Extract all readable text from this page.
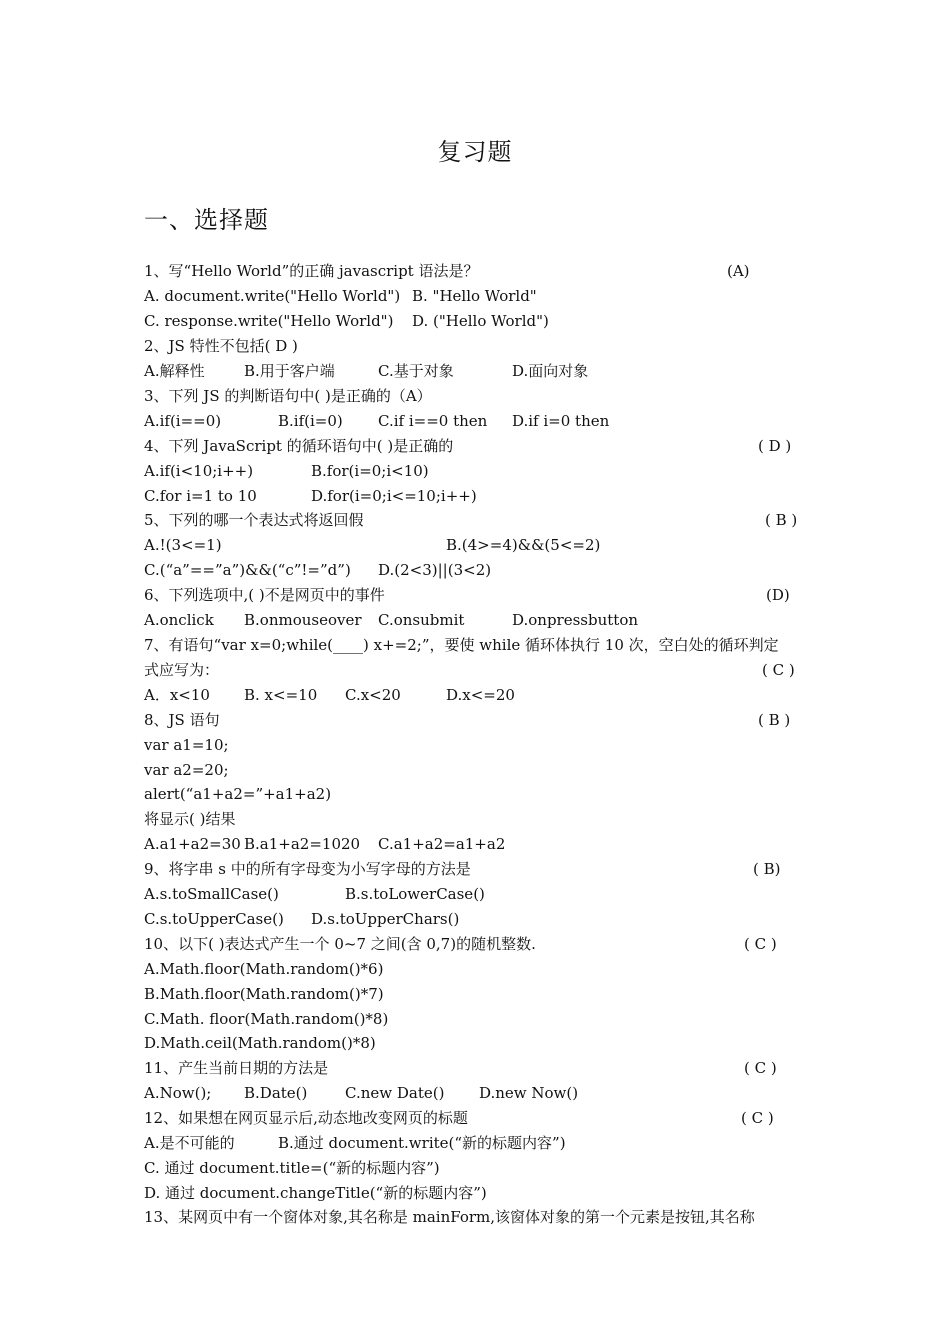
复习题
一、选择题
1、写“Hello World”的正确 javascript 语法是？	(A)
A. document.write("Hello World") B. "Hello World"
C. response.write("Hello World") D. ("Hello World")
2、JS 特性不包括( D )
A.解释性	B.用于客户端	C.基于对象	D.面向对象
3、下列 JS 的判断语句中( )是正确的（A）
A.if(i==0)	B.if(i=0) C.if i==0 then D.if i=0 then
4、下列 JavaScript 的循环语句中( )是正确的	( D )
A.if(i<10;i++)	B.for(i=0;i<10)
C.for i=1 to 10	D.for(i=0;i<=10;i++)
5、下列的哪一个表达式将返回假	( B )
A.!(3<=1)	B.(4>=4)&&(5<=2)
C.(“a”==”a”)&&(“c”!=”d”) D.(2<3)||(3<2)
6、下列选项中,( )不是网页中的事件	(D)
A.onclick B.onmouseover C.onsubmit	D.onpressbutton
7、有语句“var x=0;while(____) x+=2;”，要使 while 循环体执行 10 次，空白处的循环判定
式应写为：	( C )
A．x<10 B. x<=10 C.x<20	D.x<=20
8、JS 语句	( B )
var a1=10;
var a2=20;
alert(“a1+a2=”+a1+a2)
将显示( )结果
A.a1+a2=30 B.a1+a2=1020 C.a1+a2=a1+a2
9、将字串 s 中的所有字母变为小写字母的方法是	( B)
A.s.toSmallCase()	B.s.toLowerCase()
C.s.toUpperCase() D.s.toUpperChars()
10、以下( )表达式产生一个 0~7 之间(含 0,7)的随机整数.	( C )
A.Math.floor(Math.random()*6)
B.Math.floor(Math.random()*7)
C.Math. floor(Math.random()*8)
D.Math.ceil(Math.random()*8)
11、产生当前日期的方法是	( C )
A.Now(); B.Date()	C.new Date() D.new Now()
12、如果想在网页显示后,动态地改变网页的标题	( C )
A.是不可能的	B.通过 document.write(“新的标题内容”)
C. 通过 document.title=(“新的标题内容”)
D. 通过 document.changeTitle(“新的标题内容”)
13、某网页中有一个窗体对象,其名称是 mainForm,该窗体对象的第一个元素是按钮,其名称
